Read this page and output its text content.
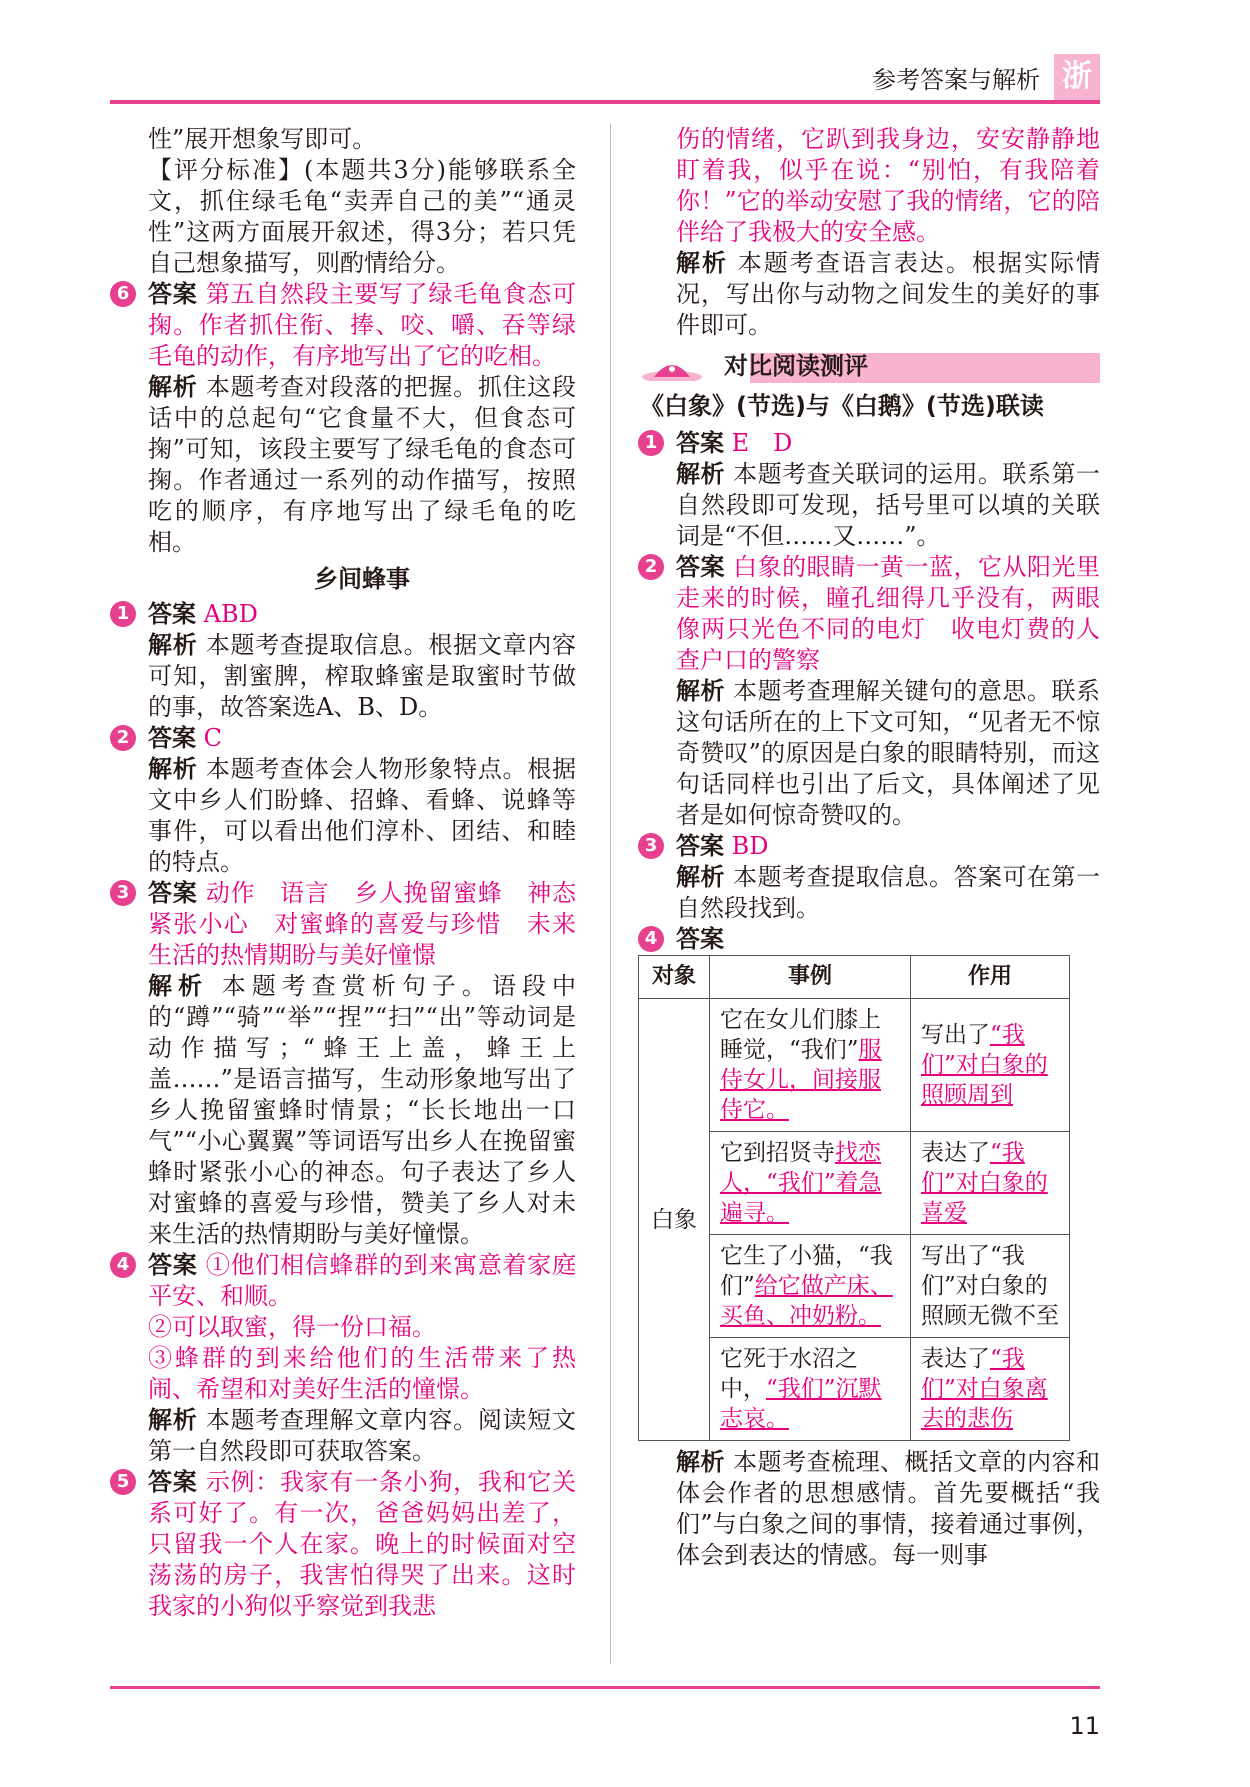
参考答案与解析 浙

性”展开想象写即可。

【评分标准】(本题共3分)能够联系全文，抓住绿毛龟“卖弄自己的美”“通灵性”这两方面展开叙述，得3分；若只凭自己想象描写，则酌情给分。

6 答案 第五自然段主要写了绿毛龟食态可掬。作者抓住衔、捧、咬、嚼、吞等绿毛龟的动作，有序地写出了它的吃相。

解析 本题考查对段落的把握。抓住这段话中的总起句“它食量不大，但食态可掬”可知，该段主要写了绿毛龟的食态可掬。作者通过一系列的动作描写，按照吃的顺序，有序地写出了绿毛龟的吃相。

乡间蜂事
1 答案 ABD

解析 本题考查提取信息。根据文章内容可知，割蜜脾，榨取蜂蜜是取蜜时节做的事，故答案选A、B、D。

2 答案 C

解析 本题考查体会人物形象特点。根据文中乡人们盼蜂、招蜂、看蜂、说蜂等事件，可以看出他们淳朴、团结、和睦的特点。

3 答案 动作　语言　乡人挽留蜜蜂　神态　紧张小心　对蜜蜂的喜爱与珍惜　未来生活的热情期盼与美好憧憬

解析 本题考查赏析句子。语段中的“蹲”“骑”“举”“捏”“扫”“出”等动词是动作描写；“蜂王上盖，蜂王上盖……”是语言描写，生动形象地写出了乡人挽留蜜蜂时情景；“长长地出一口气”“小心翼翼”等词语写出乡人在挽留蜜蜂时紧张小心的神态。句子表达了乡人对蜜蜂的喜爱与珍惜，赞美了乡人对未来生活的热情期盼与美好憧憬。

4 答案 ①他们相信蜂群的到来寓意着家庭平安、和顺。

②可以取蜜，得一份口福。

③蜂群的到来给他们的生活带来了热闹、希望和对美好生活的憧憬。

解析 本题考查理解文章内容。阅读短文第一自然段即可获取答案。

5 答案 示例：我家有一条小狗，我和它关系可好了。有一次，爸爸妈妈出差了，只留我一个人在家。晚上的时候面对空荡荡的房子，我害怕得哭了出来。这时我家的小狗似乎察觉到我悲

伤的情绪，它趴到我身边，安安静静地盯着我，似乎在说：“别怕，有我陪着你！”它的举动安慰了我的情绪，它的陪伴给了我极大的安全感。

解析 本题考查语言表达。根据实际情况，写出你与动物之间发生的美好的事件即可。

对比阅读测评
《白象》(节选)与《白鹅》(节选)联读
1 答案 E　D

解析 本题考查关联词的运用。联系第一自然段即可发现，括号里可以填的关联词是“不但……又……”。

2 答案 白象的眼睛一黄一蓝，它从阳光里走来的时候，瞳孔细得几乎没有，两眼像两只光色不同的电灯　收电灯费的人　查户口的警察

解析 本题考查理解关键句的意思。联系这句话所在的上下文可知，“见者无不惊奇赞叹”的原因是白象的眼睛特别，而这句话同样也引出了后文，具体阐述了见者是如何惊奇赞叹的。

3 答案 BD

解析 本题考查提取信息。答案可在第一自然段找到。

4 答案

对象	事例	作用
白象	它在女儿们膝上睡觉，“我们”服侍女儿，间接服侍它。	写出了“我们”对白象的照顾周到
	它到招贤寺找恋人，“我们”着急遍寻。	表达了“我们”对白象的喜爱
	它生了小猫，“我们”给它做产床、买鱼、冲奶粉。	写出了“我们”对白象的照顾无微不至
	它死于水沼之中，“我们”沉默志哀。	表达了“我们”对白象离去的悲伤

解析 本题考查梳理、概括文章的内容和体会作者的思想感情。首先要概括“我们”与白象之间的事情，接着通过事例，体会到表达的情感。每一则事

11
